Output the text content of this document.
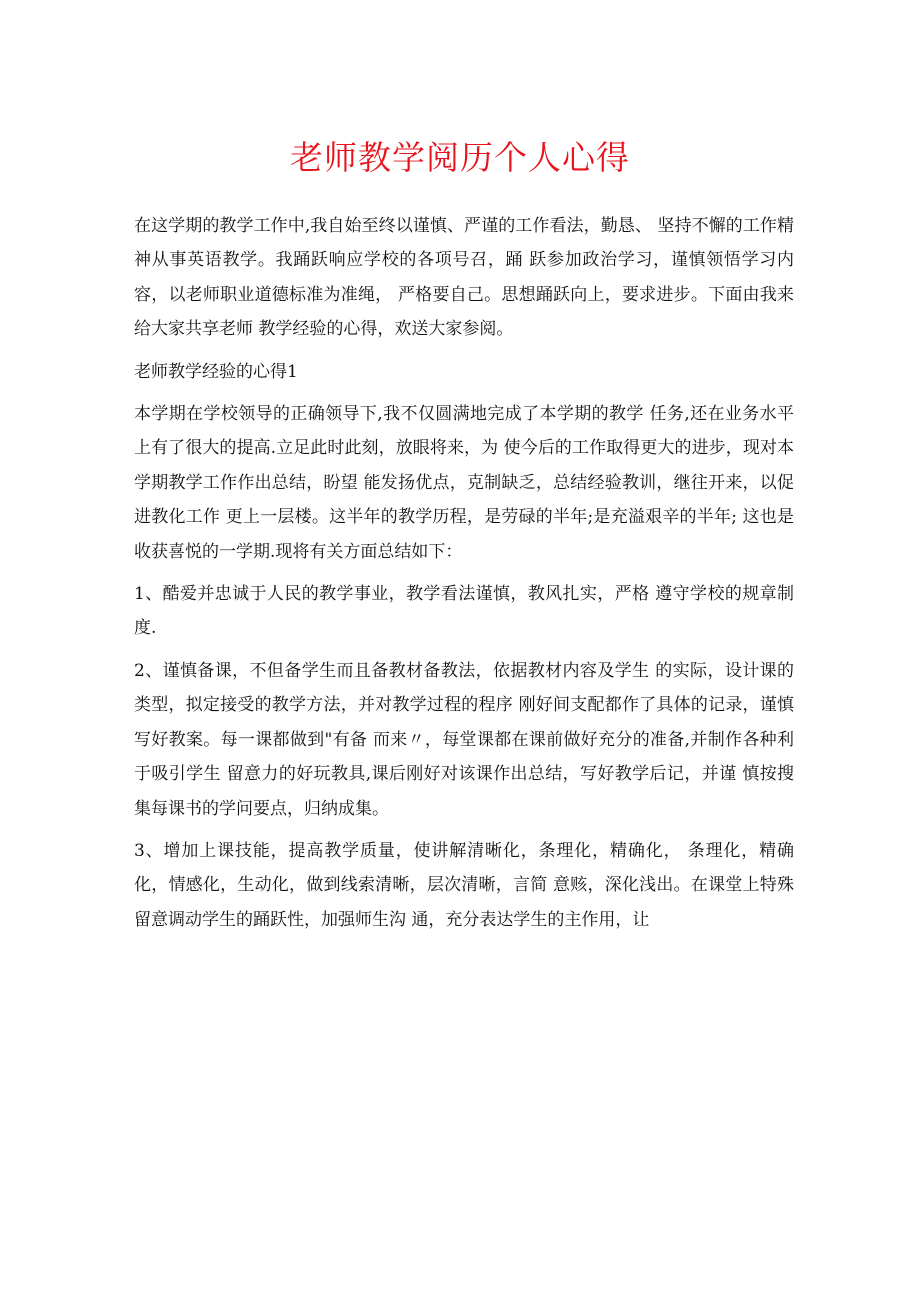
老师教学阅历个人心得

在这学期的教学工作中,我自始至终以谨慎、严谨的工作看法，勤恳、 坚持不懈的工作精神从事英语教学。我踊跃响应学校的各项号召，踊 跃参加政治学习，谨慎领悟学习内容，以老师职业道德标准为准绳， 严格要自己。思想踊跃向上，要求进步。下面由我来给大家共享老师 教学经验的心得，欢送大家参阅。

老师教学经验的心得1

本学期在学校领导的正确领导下,我不仅圆满地完成了本学期的教学 任务,还在业务水平上有了很大的提高.立足此时此刻，放眼将来，为 使今后的工作取得更大的进步，现对本学期教学工作作出总结，盼望 能发扬优点，克制缺乏，总结经验教训，继往开来，以促进教化工作 更上一层楼。这半年的教学历程，是劳碌的半年;是充溢艰辛的半年; 这也是收获喜悦的一学期.现将有关方面总结如下：

1、酷爱并忠诚于人民的教学事业，教学看法谨慎，教风扎实，严格 遵守学校的规章制度.

2、谨慎备课，不但备学生而且备教材备教法，依据教材内容及学生 的实际，设计课的类型，拟定接受的教学方法，并对教学过程的程序 刚好间支配都作了具体的记录，谨慎写好教案。每一课都做到"有备 而来〃，每堂课都在课前做好充分的准备,并制作各种利于吸引学生 留意力的好玩教具,课后刚好对该课作出总结，写好教学后记，并谨 慎按搜集每课书的学问要点，归纳成集。

3、增加上课技能，提高教学质量，使讲解清晰化，条理化，精确化， 条理化，精确化，情感化，生动化，做到线索清晰，层次清晰，言简 意赅，深化浅出。在课堂上特殊留意调动学生的踊跃性，加强师生沟 通，充分表达学生的主作用，让
